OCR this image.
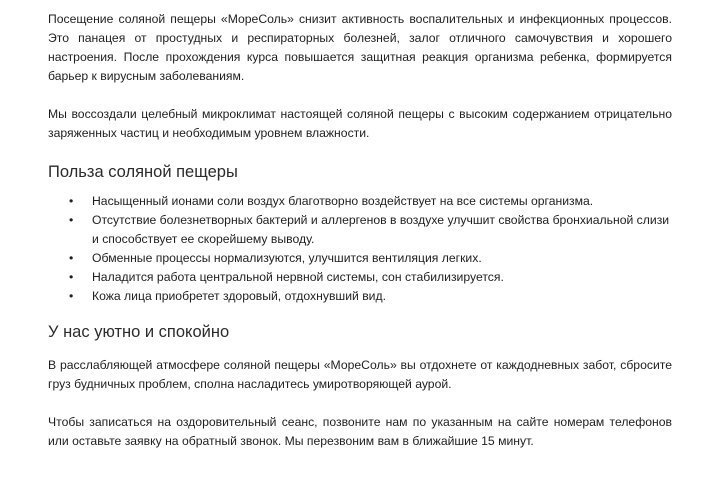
Посещение соляной пещеры «МореСоль» снизит активность воспалительных и инфекционных процессов. Это панацея от простудных и респираторных болезней, залог отличного самочувствия и хорошего настроения. После прохождения курса повышается защитная реакция организма ребенка, формируется барьер к вирусным заболеваниям.

Мы воссоздали целебный микроклимат настоящей соляной пещеры с высоким содержанием отрицательно заряженных частиц и необходимым уровнем влажности.

Польза соляной пещеры
• Насыщенный ионами соли воздух благотворно воздействует на все системы организма.
• Отсутствие болезнетворных бактерий и аллергенов в воздухе улучшит свойства бронхиальной слизи и способствует ее скорейшему выводу.
• Обменные процессы нормализуются, улучшится вентиляция легких.
• Наладится работа центральной нервной системы, сон стабилизируется.
• Кожа лица приобретет здоровый, отдохнувший вид.
У нас уютно и спокойно

В расслабляющей атмосфере соляной пещеры «МореСоль» вы отдохнете от каждодневных забот, сбросите груз будничных проблем, сполна насладитесь умиротворяющей аурой.

Чтобы записаться на оздоровительный сеанс, позвоните нам по указанным на сайте номерам телефонов или оставьте заявку на обратный звонок. Мы перезвоним вам в ближайшие 15 минут.
